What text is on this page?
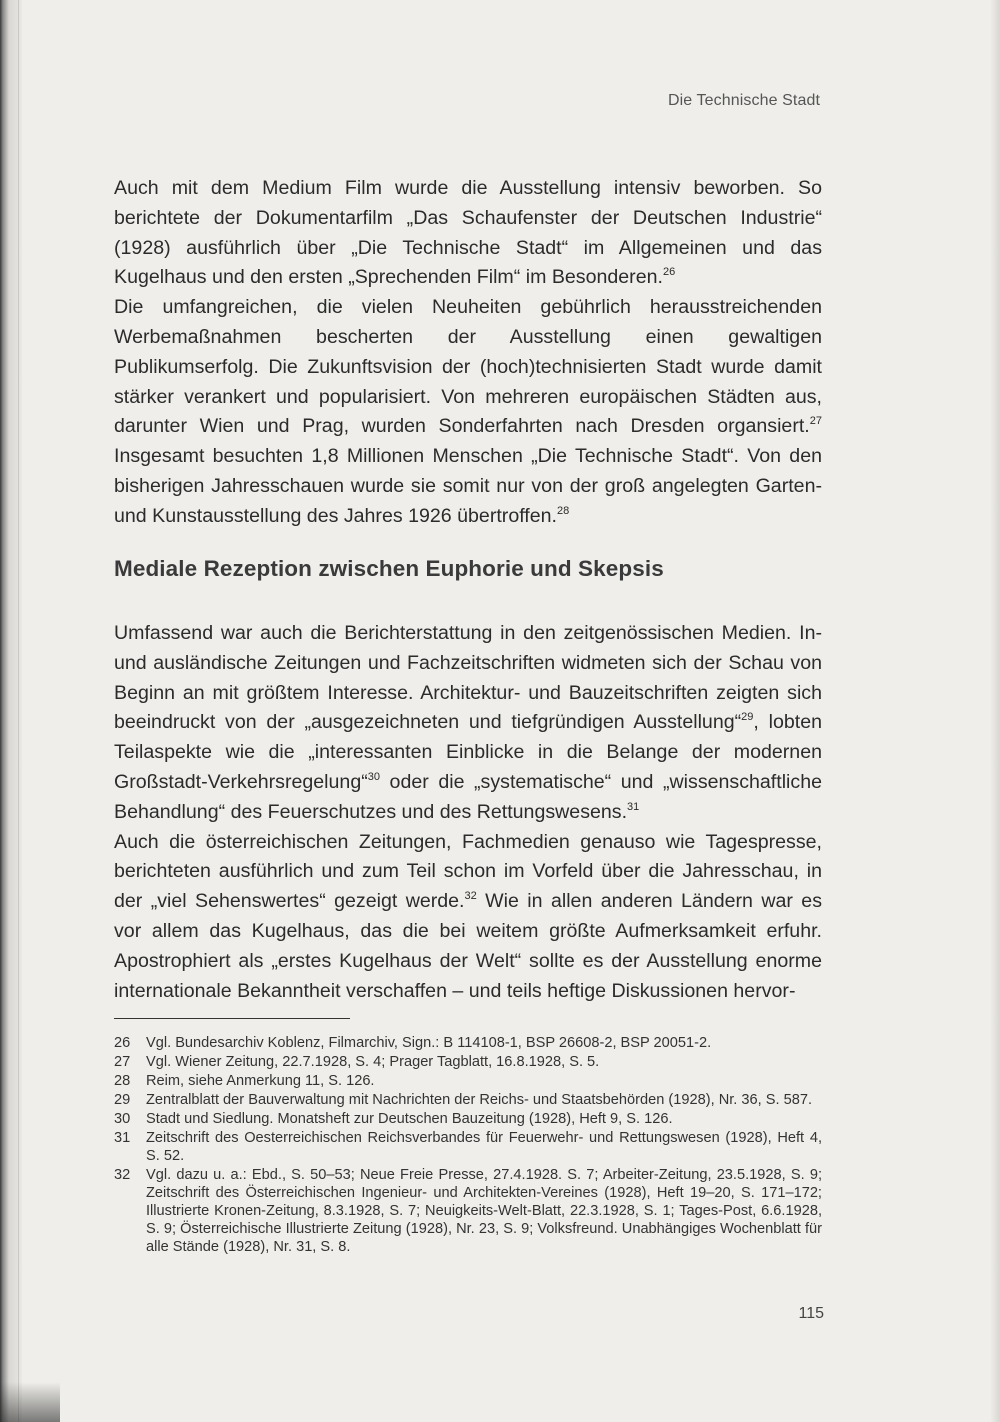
Die Technische Stadt

Auch mit dem Medium Film wurde die Ausstellung intensiv beworben. So berichtete der Dokumentarfilm „Das Schaufenster der Deutschen Industrie“ (1928) ausführlich über „Die Technische Stadt“ im Allgemeinen und das Kugelhaus und den ersten „Sprechenden Film“ im Besonderen.$^{26}$

Die umfangreichen, die vielen Neuheiten gebührlich herausstreichenden Werbemaßnahmen bescherten der Ausstellung einen gewaltigen Publikumserfolg. Die Zukunftsvision der (hoch)technisierten Stadt wurde damit stärker verankert und popularisiert. Von mehreren europäischen Städten aus, darunter Wien und Prag, wurden Sonderfahrten nach Dresden organsiert.$^{27}$ Insgesamt besuchten 1,8 Millionen Menschen „Die Technische Stadt“. Von den bisherigen Jahresschauen wurde sie somit nur von der groß angelegten Garten- und Kunstausstellung des Jahres 1926 übertroffen.$^{28}$

Mediale Rezeption zwischen Euphorie und Skepsis

Umfassend war auch die Berichterstattung in den zeitgenössischen Medien. In- und ausländische Zeitungen und Fachzeitschriften widmeten sich der Schau von Beginn an mit größtem Interesse. Architektur- und Bauzeitschriften zeigten sich beeindruckt von der „ausgezeichneten und tiefgründigen Ausstellung“$^{29}$, lobten Teilaspekte wie die „interessanten Einblicke in die Belange der modernen Großstadt-Verkehrsregelung“$^{30}$ oder die „systematische“ und „wissenschaftliche Behandlung“ des Feuerschutzes und des Rettungswesens.$^{31}$

Auch die österreichischen Zeitungen, Fachmedien genauso wie Tagespresse, berichteten ausführlich und zum Teil schon im Vorfeld über die Jahresschau, in der „viel Sehenswertes“ gezeigt werde.$^{32}$ Wie in allen anderen Ländern war es vor allem das Kugelhaus, das die bei weitem größte Aufmerksamkeit erfuhr. Apostrophiert als „erstes Kugelhaus der Welt“ sollte es der Ausstellung enorme internationale Bekanntheit verschaffen – und teils heftige Diskussionen hervor-

26	Vgl. Bundesarchiv Koblenz, Filmarchiv, Sign.: B 114108-1, BSP 26608-2, BSP 20051-2.
27	Vgl. Wiener Zeitung, 22.7.1928, S. 4; Prager Tagblatt, 16.8.1928, S. 5.
28	Reim, siehe Anmerkung 11, S. 126.
29	Zentralblatt der Bauverwaltung mit Nachrichten der Reichs- und Staatsbehörden (1928), Nr. 36, S. 587.
30	Stadt und Siedlung. Monatsheft zur Deutschen Bauzeitung (1928), Heft 9, S. 126.
31	Zeitschrift des Oesterreichischen Reichsverbandes für Feuerwehr- und Rettungswesen (1928), Heft 4, S. 52.
32	Vgl. dazu u. a.: Ebd., S. 50–53; Neue Freie Presse, 27.4.1928. S. 7; Arbeiter-Zeitung, 23.5.1928, S. 9; Zeitschrift des Österreichischen Ingenieur- und Architekten-Vereines (1928), Heft 19–20, S. 171–172; Illustrierte Kronen-Zeitung, 8.3.1928, S. 7; Neuigkeits-Welt-Blatt, 22.3.1928, S. 1; Tages-Post, 6.6.1928, S. 9; Österreichische Illustrierte Zeitung (1928), Nr. 23, S. 9; Volksfreund. Unabhängiges Wochenblatt für alle Stände (1928), Nr. 31, S. 8.
115
